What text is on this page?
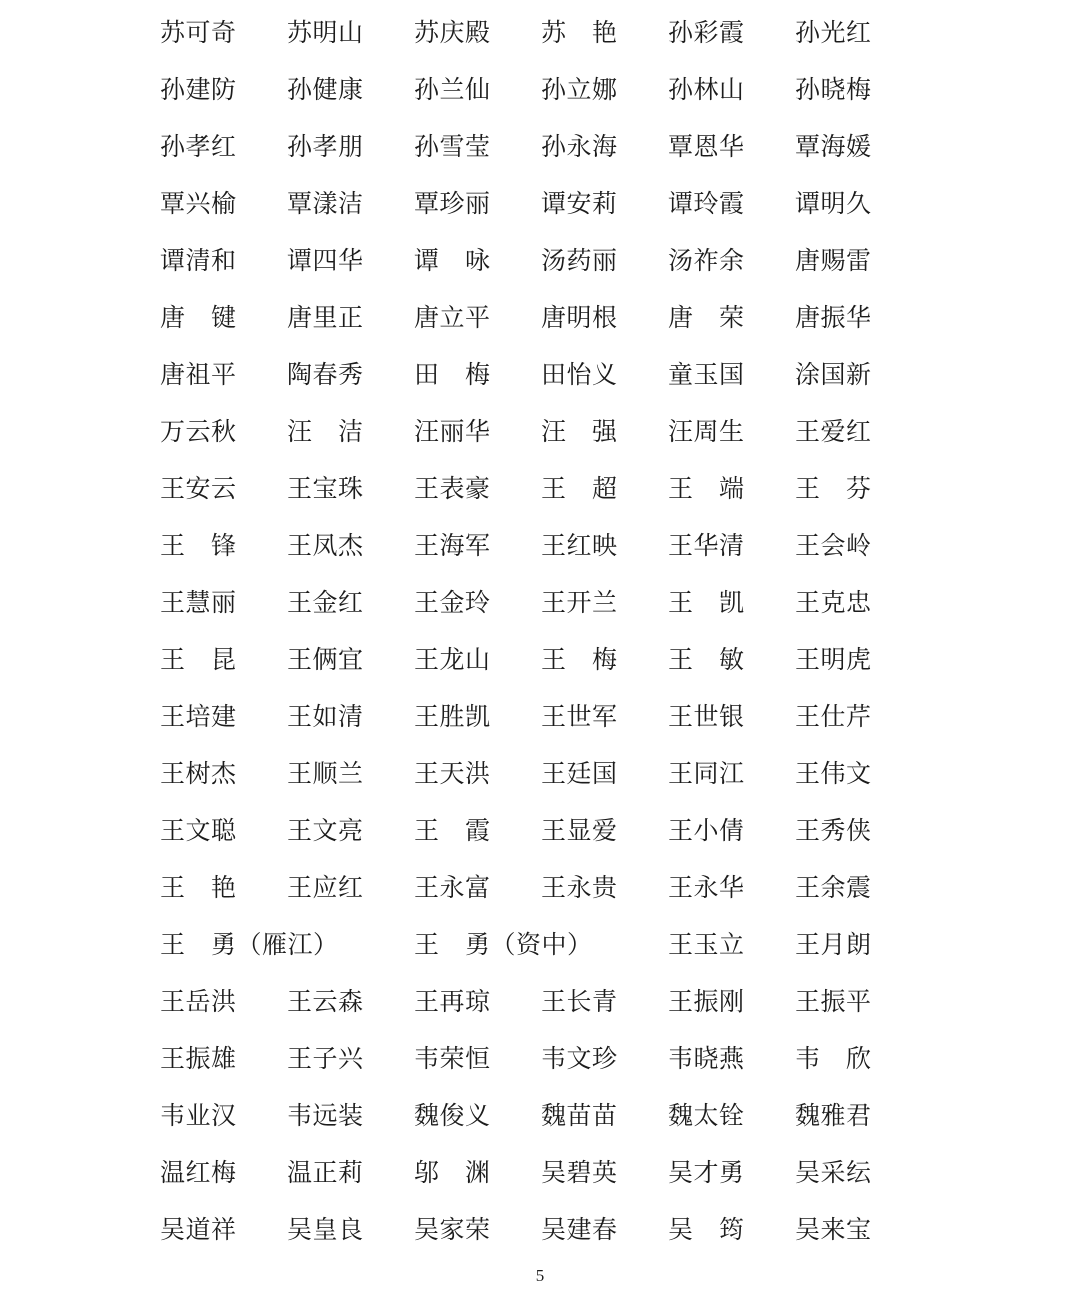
苏可奇	苏明山	苏庆殿	苏　艳	孙彩霞	孙光红
孙建防	孙健康	孙兰仙	孙立娜	孙林山	孙晓梅
孙孝红	孙孝朋	孙雪莹	孙永海	覃恩华	覃海媛
覃兴榆	覃漾洁	覃珍丽	谭安莉	谭玲霞	谭明久
谭清和	谭四华	谭　咏	汤药丽	汤祚余	唐赐雷
唐　键	唐里正	唐立平	唐明根	唐　荣	唐振华
唐祖平	陶春秀	田　梅	田怡义	童玉国	涂国新
万云秋	汪　洁	汪丽华	汪　强	汪周生	王爱红
王安云	王宝珠	王表豪	王　超	王　端	王　芬
王　锋	王凤杰	王海军	王红映	王华清	王会岭
王慧丽	王金红	王金玲	王开兰	王　凯	王克忠
王　昆	王俩宜	王龙山	王　梅	王　敏	王明虎
王培建	王如清	王胜凯	王世军	王世银	王仕芹
王树杰	王顺兰	王天洪	王廷国	王同江	王伟文
王文聪	王文亮	王　霞	王显爱	王小倩	王秀侠
王　艳	王应红	王永富	王永贵	王永华	王余震
王　勇（雁江）	王　勇（资中）	王玉立	王月朗
王岳洪	王云森	王再琼	王长青	王振刚	王振平
王振雄	王子兴	韦荣恒	韦文珍	韦晓燕	韦　欣
韦业汉	韦远装	魏俊义	魏苗苗	魏太铨	魏雅君
温红梅	温正莉	邬　渊	吴碧英	吴才勇	吴采纭
吴道祥	吴皇良	吴家荣	吴建春	吴　筠	吴来宝
5
